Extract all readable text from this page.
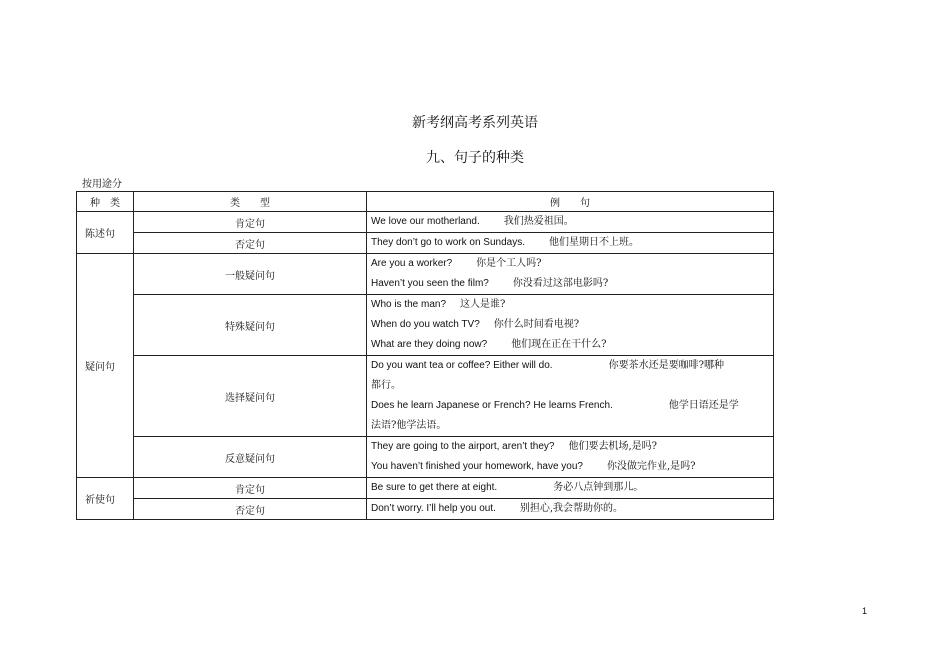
新考纲高考系列英语
九、句子的种类
按用途分
种　类	类　　型	例　　句
陈述句	肯定句	We love our motherland. 我们热爱祖国。

	否定句	They don’t go to work on Sundays. 他们星期日不上班。

疑问句	一般疑问句	Are you a worker? 你是个工人吗?
Haven’t you seen the film? 你没看过这部电影吗?

	特殊疑问句	Who is the man? 这人是谁?
When do you watch TV? 你什么时间看电视?
What are they doing now? 他们现在正在干什么?

	选择疑问句	Do you want tea or coffee? Either will do. 你要茶水还是要咖啡?哪种
都行。
Does he learn Japanese or French? He learns French. 他学日语还是学
法语?他学法语。

	反意疑问句	They are going to the airport, aren’t they? 他们要去机场,是吗?
You haven’t finished your homework, have you? 你没做完作业,是吗?

祈使句	肯定句	Be sure to get there at eight. 务必八点钟到那儿。

	否定句	Don’t worry. I’ll help you out. 别担心,我会帮助你的。
1
